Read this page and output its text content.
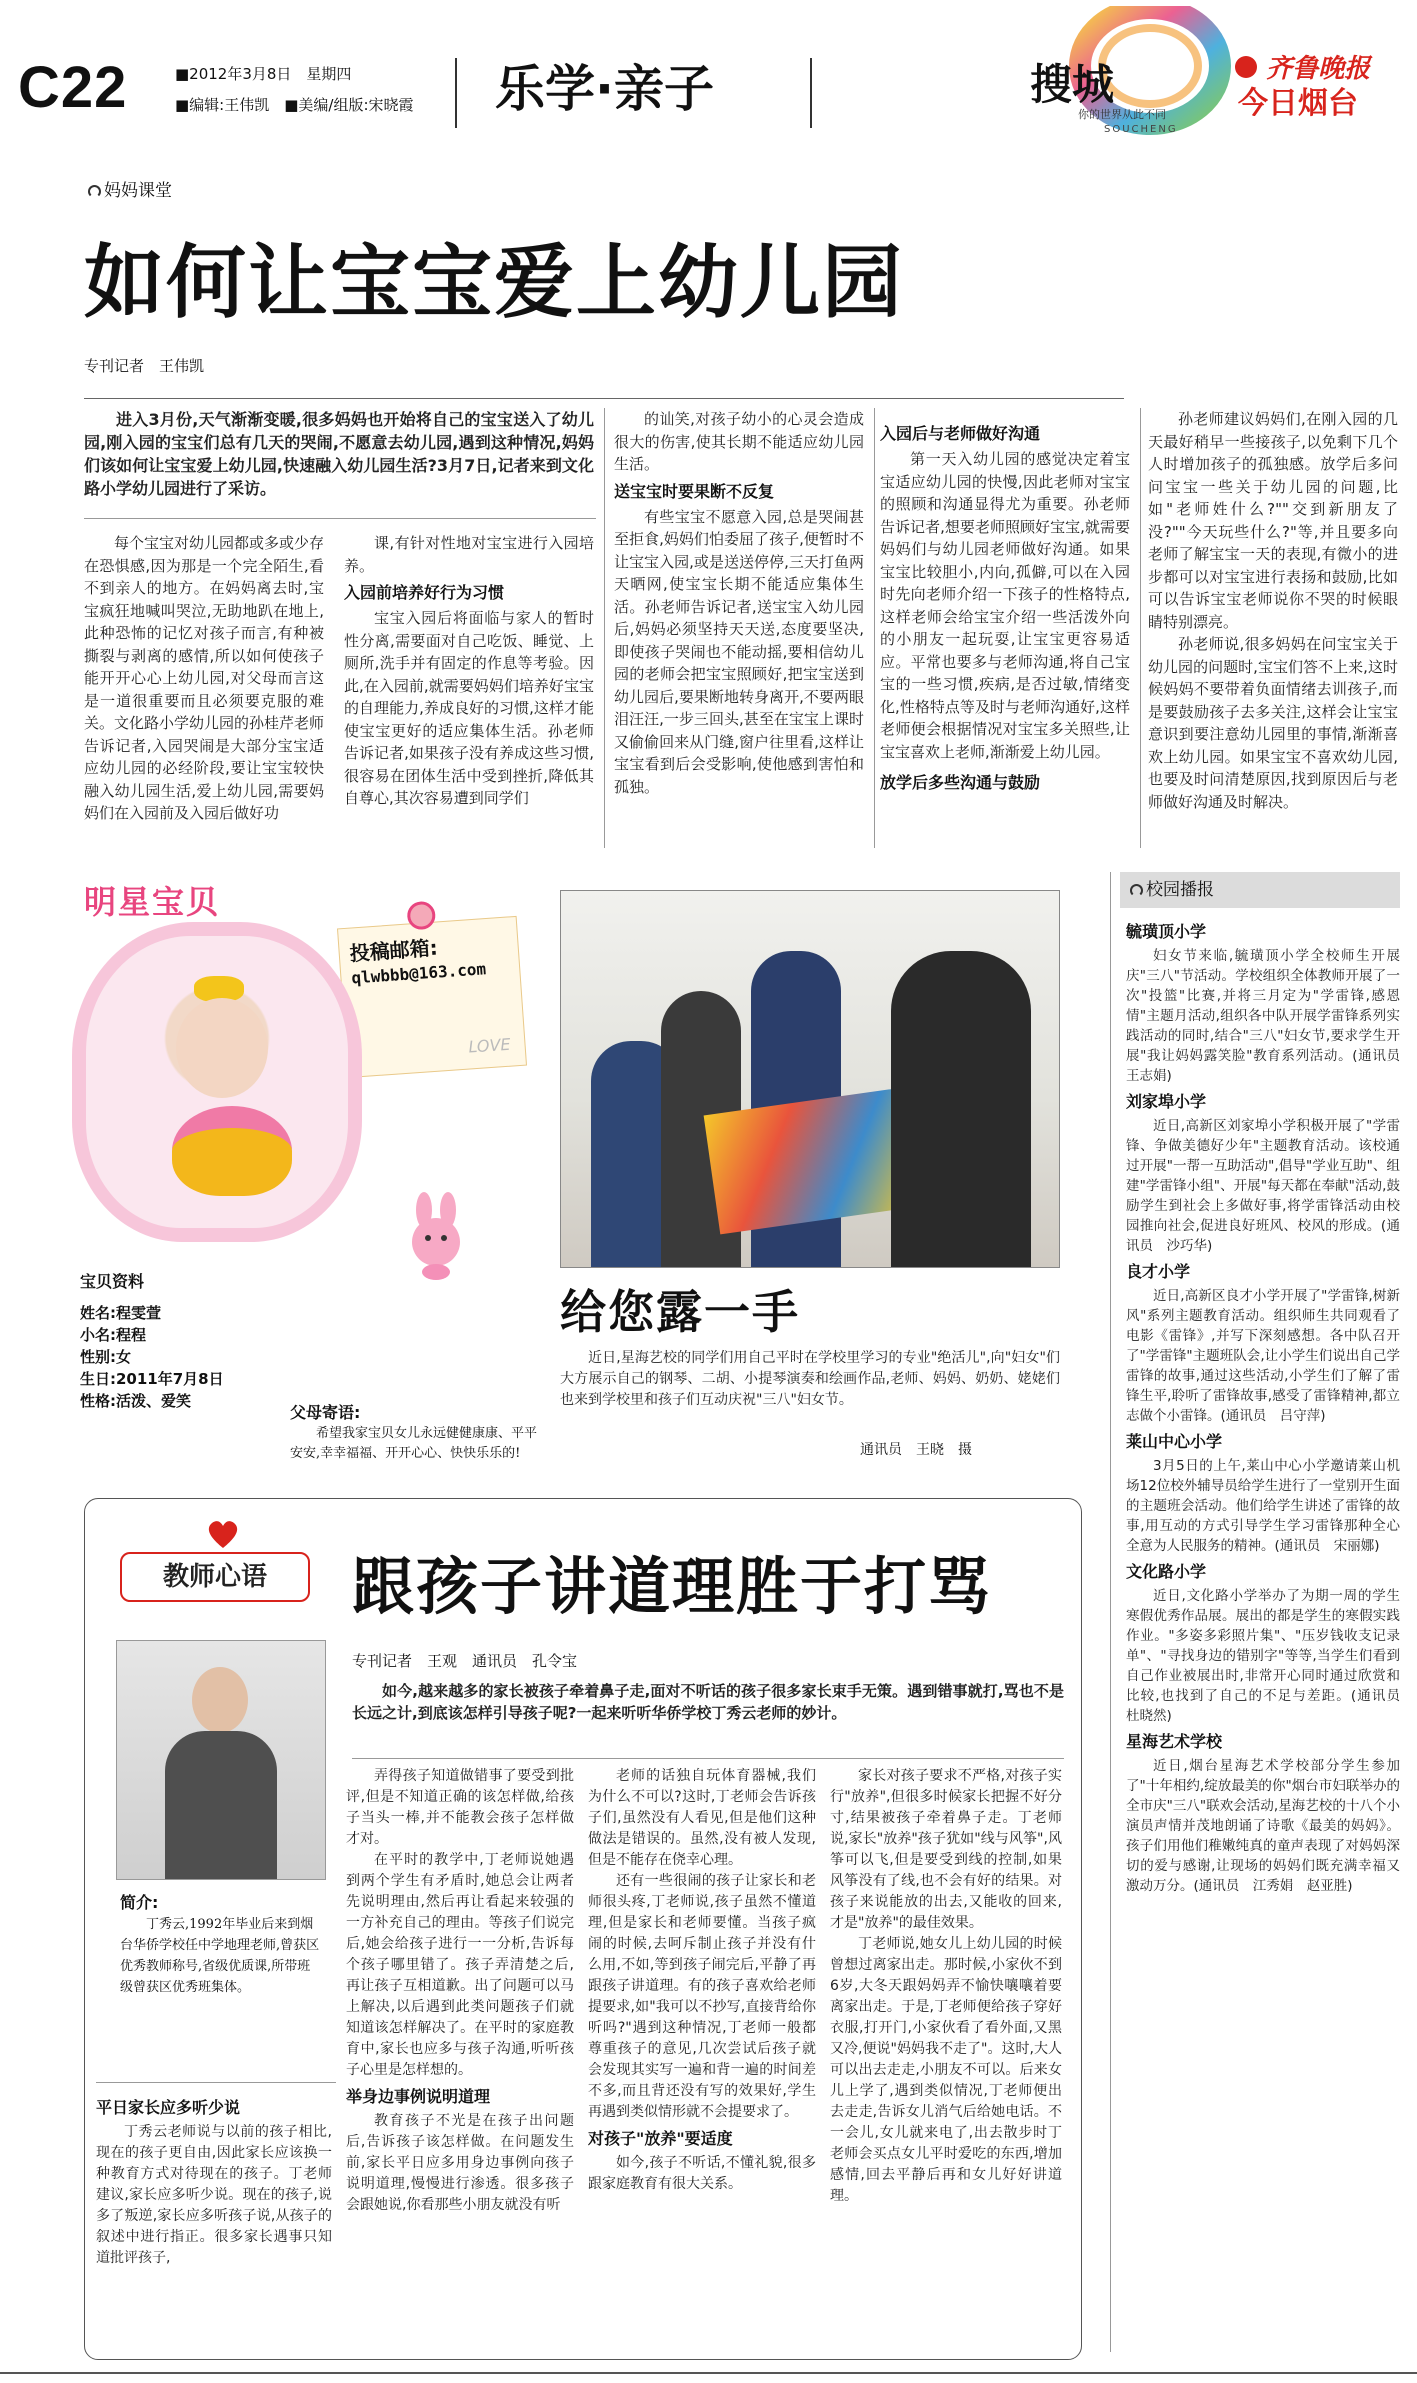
C22	■2012年3月8日　星期四
■编辑:王伟凯　■美编/组版:宋晓霞 乐学·亲子	搜城
你的世界从此不同
SOUCHENG
齐鲁晚报
今日烟台
妈妈课堂
如何让宝宝爱上幼儿园
专刊记者　王伟凯

进入3月份,天气渐渐变暖,很多妈妈也开始将自己的宝宝送入了幼儿园,刚入园的宝宝们总有几天的哭闹,不愿意去幼儿园,遇到这种情况,妈妈们该如何让宝宝爱上幼儿园,快速融入幼儿园生活?3月7日,记者来到文化路小学幼儿园进行了采访。

每个宝宝对幼儿园都或多或少存在恐惧感,因为那是一个完全陌生,看不到亲人的地方。在妈妈离去时,宝宝疯狂地喊叫哭泣,无助地趴在地上,此种恐怖的记忆对孩子而言,有种被撕裂与剥离的感情,所以如何使孩子能开开心心上幼儿园,对父母而言这是一道很重要而且必须要克服的难关。文化路小学幼儿园的孙桂芹老师告诉记者,入园哭闹是大部分宝宝适应幼儿园的必经阶段,要让宝宝较快融入幼儿园生活,爱上幼儿园,需要妈妈们在入园前及入园后做好功

课,有针对性地对宝宝进行入园培养。

入园前培养好行为习惯

宝宝入园后将面临与家人的暂时性分离,需要面对自己吃饭、睡觉、上厕所,洗手并有固定的作息等考验。因此,在入园前,就需要妈妈们培养好宝宝的自理能力,养成良好的习惯,这样才能使宝宝更好的适应集体生活。孙老师告诉记者,如果孩子没有养成这些习惯,很容易在团体生活中受到挫折,降低其自尊心,其次容易遭到同学们

的讪笑,对孩子幼小的心灵会造成很大的伤害,使其长期不能适应幼儿园生活。

送宝宝时要果断不反复

有些宝宝不愿意入园,总是哭闹甚至拒食,妈妈们怕委屈了孩子,便暂时不让宝宝入园,或是送送停停,三天打鱼两天晒网,使宝宝长期不能适应集体生活。孙老师告诉记者,送宝宝入幼儿园后,妈妈必须坚持天天送,态度要坚决,即使孩子哭闹也不能动摇,要相信幼儿园的老师会把宝宝照顾好,把宝宝送到幼儿园后,要果断地转身离开,不要两眼泪汪汪,一步三回头,甚至在宝宝上课时又偷偷回来从门缝,窗户往里看,这样让宝宝看到后会受影响,使他感到害怕和孤独。

入园后与老师做好沟通

第一天入幼儿园的感觉决定着宝宝适应幼儿园的快慢,因此老师对宝宝的照顾和沟通显得尤为重要。孙老师告诉记者,想要老师照顾好宝宝,就需要妈妈们与幼儿园老师做好沟通。如果宝宝比较胆小,内向,孤僻,可以在入园时先向老师介绍一下孩子的性格特点,这样老师会给宝宝介绍一些活泼外向的小朋友一起玩耍,让宝宝更容易适应。平常也要多与老师沟通,将自己宝宝的一些习惯,疾病,是否过敏,情绪变化,性格特点等及时与老师沟通好,这样老师便会根据情况对宝宝多关照些,让宝宝喜欢上老师,渐渐爱上幼儿园。

放学后多些沟通与鼓励

孙老师建议妈妈们,在刚入园的几天最好稍早一些接孩子,以免剩下几个人时增加孩子的孤独感。放学后多问问宝宝一些关于幼儿园的问题,比如"老师姓什么?""交到新朋友了没?""今天玩些什么?"等,并且要多向老师了解宝宝一天的表现,有微小的进步都可以对宝宝进行表扬和鼓励,比如可以告诉宝宝老师说你不哭的时候眼睛特别漂亮。

孙老师说,很多妈妈在问宝宝关于幼儿园的问题时,宝宝们答不上来,这时候妈妈不要带着负面情绪去训孩子,而是要鼓励孩子去多关注,这样会让宝宝意识到要注意幼儿园里的事情,渐渐喜欢上幼儿园。如果宝宝不喜欢幼儿园,也要及时问清楚原因,找到原因后与老师做好沟通及时解决。

明星宝贝
投稿邮箱:
qlwbbb@163.com
LOVE
宝贝资料
姓名:程雯萱
小名:程程
性别:女
生日:2011年7月8日
性格:活泼、爱笑
父母寄语:
希望我家宝贝女儿永远健健康康、平平安安,幸幸福福、开开心心、快快乐乐的!
给您露一手

近日,星海艺校的同学们用自己平时在学校里学习的专业"绝活儿",向"妇女"们大方展示自己的钢琴、二胡、小提琴演奏和绘画作品,老师、妈妈、奶奶、姥姥们也来到学校里和孩子们互动庆祝"三八"妇女节。

通讯员　王晓　摄
教师心语	跟孩子讲道理胜于打骂
简介:
丁秀云,1992年毕业后来到烟台华侨学校任中学地理老师,曾获区优秀教师称号,省级优质课,所带班级曾获区优秀班集体。
平日家长应多听少说

丁秀云老师说与以前的孩子相比,现在的孩子更自由,因此家长应该换一种教育方式对待现在的孩子。丁老师建议,家长应多听少说。现在的孩子,说多了叛逆,家长应多听孩子说,从孩子的叙述中进行指正。很多家长遇事只知道批评孩子,

专刊记者　王观　通讯员　孔令宝

如今,越来越多的家长被孩子牵着鼻子走,面对不听话的孩子很多家长束手无策。遇到错事就打,骂也不是长远之计,到底该怎样引导孩子呢?一起来听听华侨学校丁秀云老师的妙计。

弄得孩子知道做错事了要受到批评,但是不知道正确的该怎样做,给孩子当头一棒,并不能教会孩子怎样做才对。

在平时的教学中,丁老师说她遇到两个学生有矛盾时,她总会让两者先说明理由,然后再让看起来较强的一方补充自己的理由。等孩子们说完后,她会给孩子进行一一分析,告诉每个孩子哪里错了。孩子弄清楚之后,再让孩子互相道歉。出了问题可以马上解决,以后遇到此类问题孩子们就知道该怎样解决了。在平时的家庭教育中,家长也应多与孩子沟通,听听孩子心里是怎样想的。

举身边事例说明道理

教育孩子不光是在孩子出问题后,告诉孩子该怎样做。在问题发生前,家长平日应多用身边事例向孩子说明道理,慢慢进行渗透。很多孩子会跟她说,你看那些小朋友就没有听

老师的话独自玩体育器械,我们为什么不可以?这时,丁老师会告诉孩子们,虽然没有人看见,但是他们这种做法是错误的。虽然,没有被人发现,但是不能存在侥幸心理。

还有一些很闹的孩子让家长和老师很头疼,丁老师说,孩子虽然不懂道理,但是家长和老师要懂。当孩子疯闹的时候,去呵斥制止孩子并没有什么用,不如,等到孩子闹完后,平静了再跟孩子讲道理。有的孩子喜欢给老师提要求,如"我可以不抄写,直接背给你听吗?"遇到这种情况,丁老师一般都尊重孩子的意见,几次尝试后孩子就会发现其实写一遍和背一遍的时间差不多,而且背还没有写的效果好,学生再遇到类似情形就不会提要求了。

对孩子"放养"要适度

如今,孩子不听话,不懂礼貌,很多跟家庭教育有很大关系。

家长对孩子要求不严格,对孩子实行"放养",但很多时候家长把握不好分寸,结果被孩子牵着鼻子走。丁老师说,家长"放养"孩子犹如"线与风筝",风筝可以飞,但是要受到线的控制,如果风筝没有了线,也不会有好的结果。对孩子来说能放的出去,又能收的回来,才是"放养"的最佳效果。

丁老师说,她女儿上幼儿园的时候曾想过离家出走。那时候,小家伙不到6岁,大冬天跟妈妈弄不愉快嚷嚷着要离家出走。于是,丁老师便给孩子穿好衣服,打开门,小家伙看了看外面,又黑又冷,便说"妈妈我不走了"。这时,大人可以出去走走,小朋友不可以。后来女儿上学了,遇到类似情况,丁老师便出去走走,告诉女儿消气后给她电话。不一会儿,女儿就来电了,出去散步时丁老师会买点女儿平时爱吃的东西,增加感情,回去平静后再和女儿好好讲道理。

校园播报
毓璜顶小学

妇女节来临,毓璜顶小学全校师生开展庆"三八"节活动。学校组织全体教师开展了一次"投篮"比赛,并将三月定为"学雷锋,感恩情"主题月活动,组织各中队开展学雷锋系列实践活动的同时,结合"三八"妇女节,要求学生开展"我让妈妈露笑脸"教育系列活动。(通讯员　王志娟)

刘家埠小学

近日,高新区刘家埠小学积极开展了"学雷锋、争做美德好少年"主题教育活动。该校通过开展"一帮一互助活动",倡导"学业互助"、组建"学雷锋小组"、开展"每天都在奉献"活动,鼓励学生到社会上多做好事,将学雷锋活动由校园推向社会,促进良好班风、校风的形成。(通讯员　沙巧华)

良才小学

近日,高新区良才小学开展了"学雷锋,树新风"系列主题教育活动。组织师生共同观看了电影《雷锋》,并写下深刻感想。各中队召开了"学雷锋"主题班队会,让小学生们说出自己学雷锋的故事,通过这些活动,小学生们了解了雷锋生平,聆听了雷锋故事,感受了雷锋精神,都立志做个小雷锋。(通讯员　吕守萍)

莱山中心小学

3月5日的上午,莱山中心小学邀请莱山机场12位校外辅导员给学生进行了一堂别开生面的主题班会活动。他们给学生讲述了雷锋的故事,用互动的方式引导学生学习雷锋那种全心全意为人民服务的精神。(通讯员　宋丽娜)

文化路小学

近日,文化路小学举办了为期一周的学生寒假优秀作品展。展出的都是学生的寒假实践作业。"多姿多彩照片集"、"压岁钱收支记录单"、"寻找身边的错别字"等等,当学生们看到自己作业被展出时,非常开心同时通过欣赏和比较,也找到了自己的不足与差距。(通讯员　杜晓然)

星海艺术学校

近日,烟台星海艺术学校部分学生参加了"十年相约,绽放最美的你"烟台市妇联举办的全市庆"三八"联欢会活动,星海艺校的十八个小演员声情并茂地朗诵了诗歌《最美的妈妈》。孩子们用他们稚嫩纯真的童声表现了对妈妈深切的爱与感谢,让现场的妈妈们既充满幸福又激动万分。(通讯员　江秀娟　赵亚胜)
